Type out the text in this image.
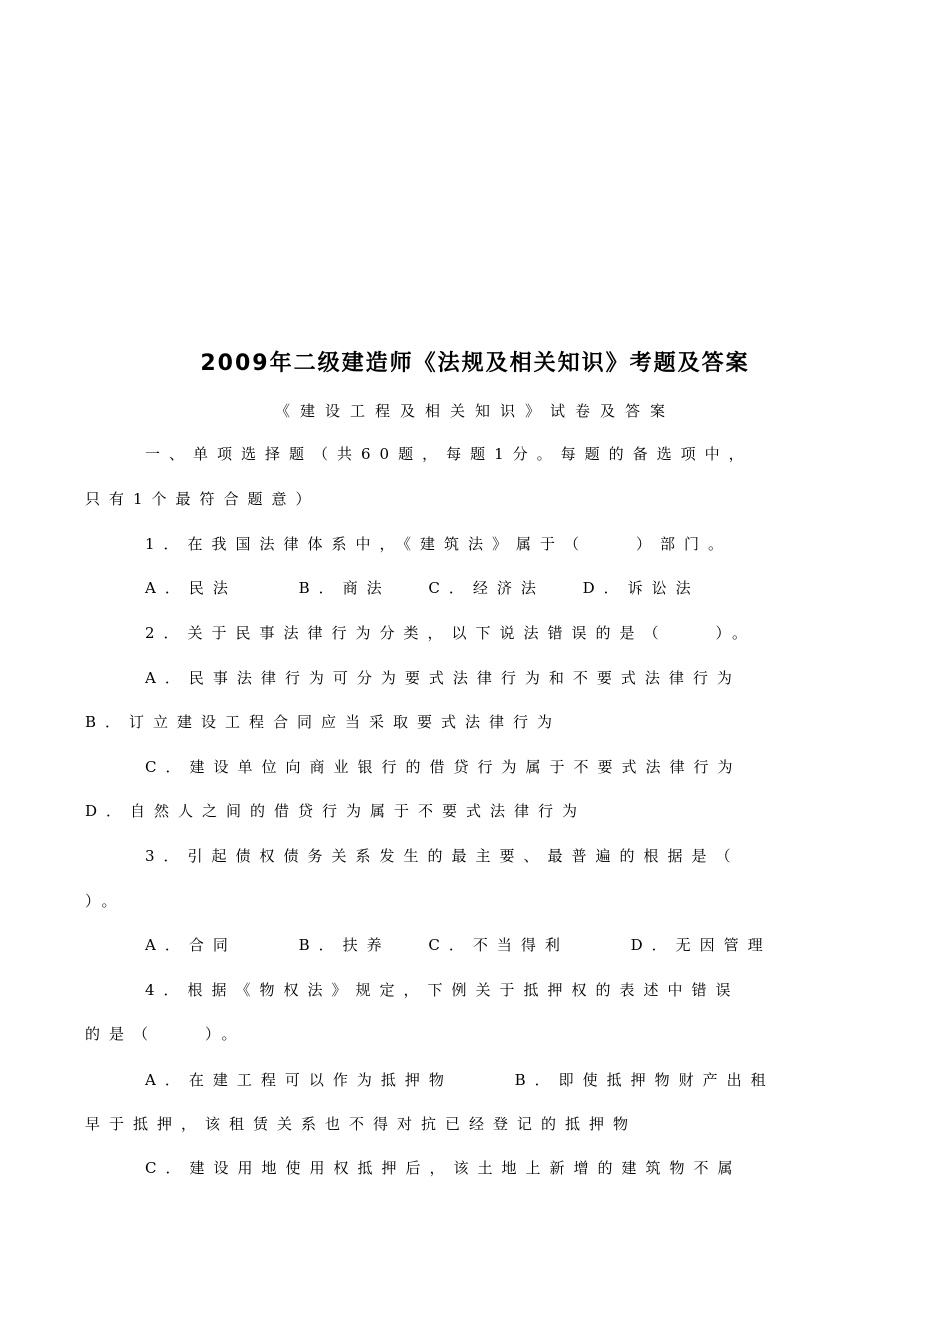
2009年二级建造师《法规及相关知识》考题及答案
《建设工程及相关知识》试卷及答案
一、单项选择题（共60题，每题1分。每题的备选项中，
只有1个最符合题意）
1．在我国法律体系中，《建筑法》属于（　　）部门。
A．民法　　 B．商法　 C．经济法　 D．诉讼法
2．关于民事法律行为分类，以下说法错误的是（　　）。
A．民事法律行为可分为要式法律行为和不要式法律行为
B．订立建设工程合同应当采取要式法律行为
C．建设单位向商业银行的借贷行为属于不要式法律行为
D．自然人之间的借贷行为属于不要式法律行为
3．引起债权债务关系发生的最主要、最普遍的根据是（
）。
A．合同　　 B．扶养　 C．不当得利　　 D．无因管理
4．根据《物权法》规定，下例关于抵押权的表述中错误
的是（　　）。
A．在建工程可以作为抵押物　　 B．即使抵押物财产出租
早于抵押，该租赁关系也不得对抗已经登记的抵押物
C．建设用地使用权抵押后，该土地上新增的建筑物不属
